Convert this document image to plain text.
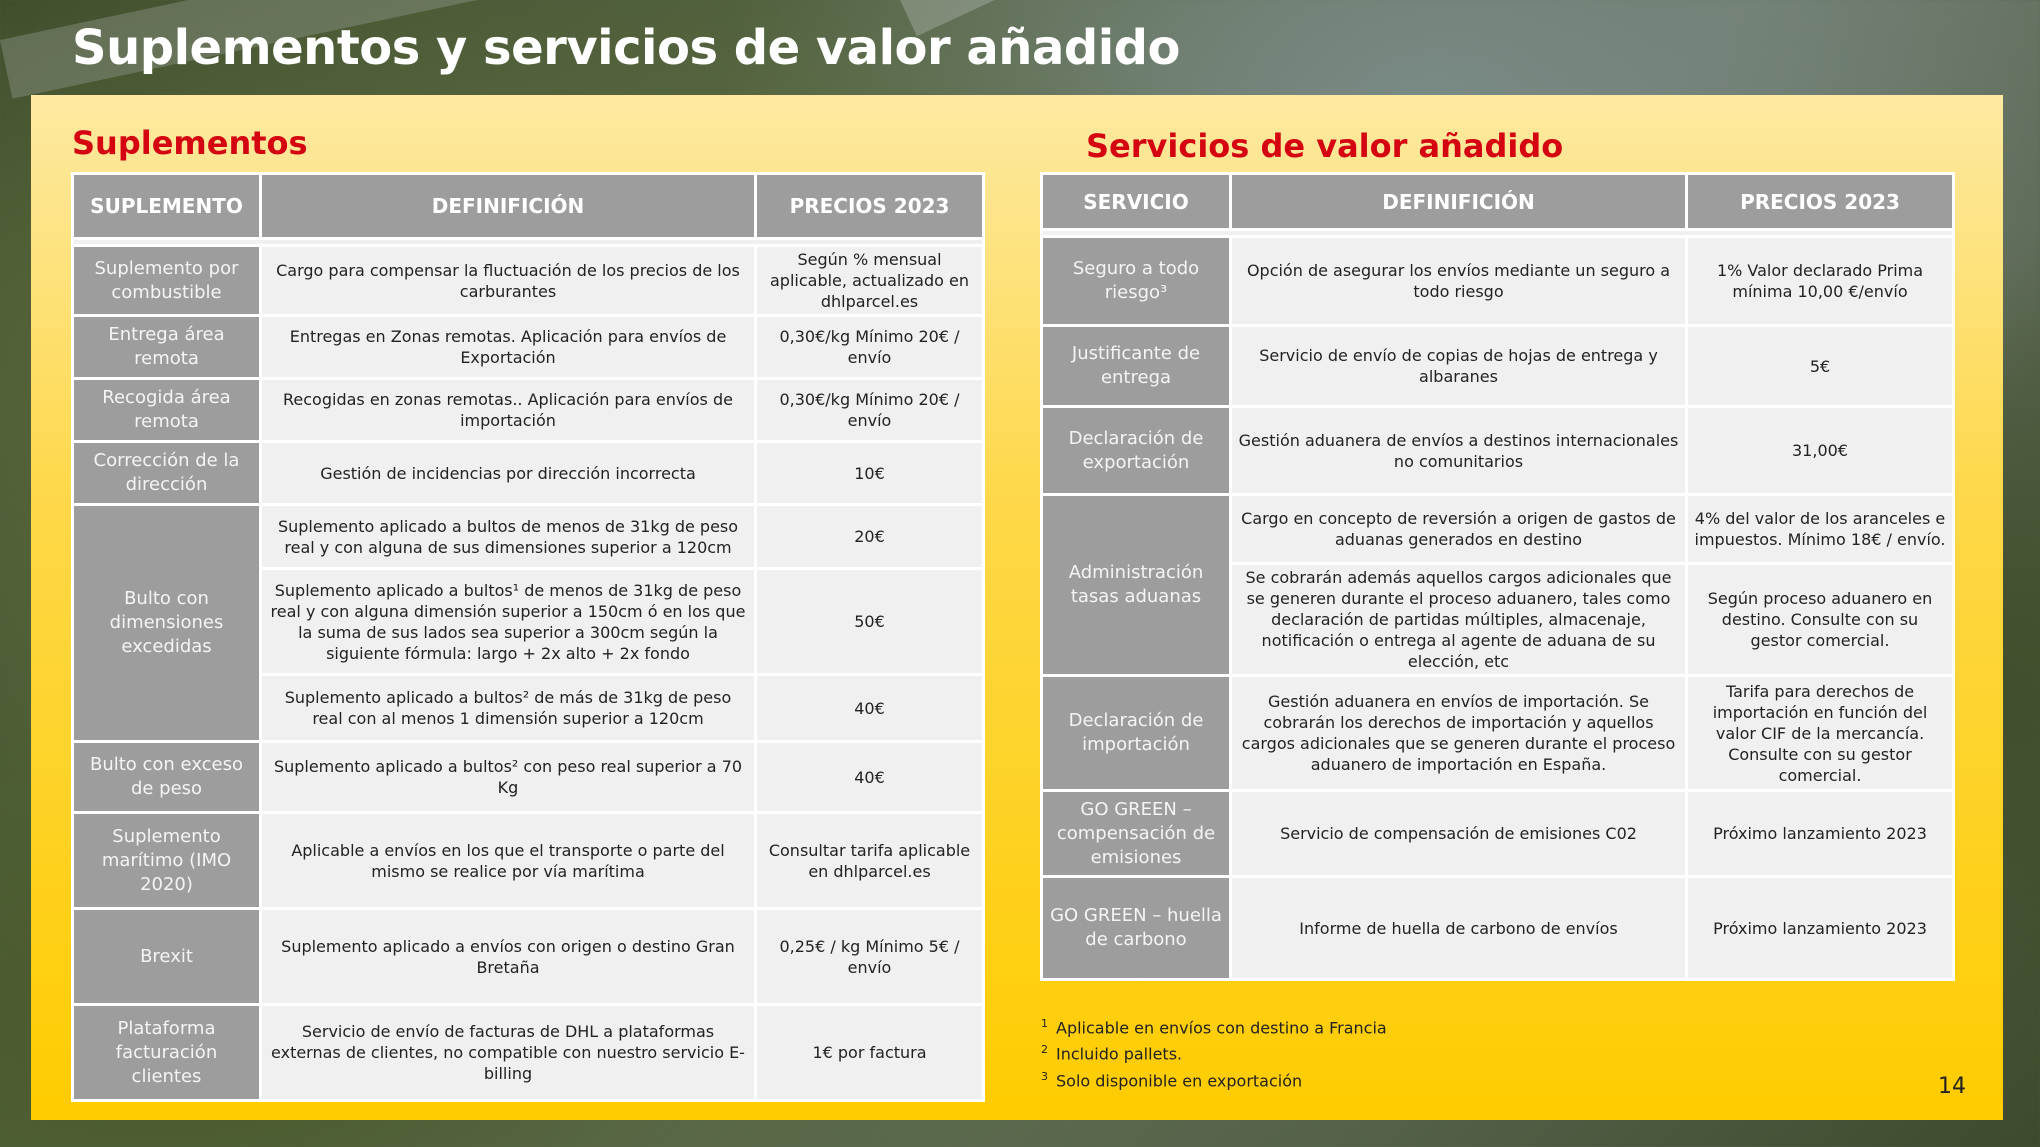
Suplementos y servicios de valor añadido
Suplementos
SUPLEMENTO	DEFINIFICIÓN	PRECIOS 2023

Suplemento por combustible	Cargo para compensar la fluctuación de los precios de los carburantes	Según % mensual aplicable, actualizado en dhlparcel.es
Entrega área remota	Entregas en Zonas remotas. Aplicación para envíos de Exportación	0,30€/kg Mínimo 20€ / envío
Recogida área remota	Recogidas en zonas remotas.. Aplicación para envíos de importación	0,30€/kg Mínimo 20€ / envío
Corrección de la dirección	Gestión de incidencias por dirección incorrecta	10€
Bulto con dimensiones excedidas	Suplemento aplicado a bultos de menos de 31kg de peso real y con alguna de sus dimensiones superior a 120cm	20€
	Suplemento aplicado a bultos¹ de menos de 31kg de peso real y con alguna dimensión superior a 150cm ó en los que la suma de sus lados sea superior a 300cm según la siguiente fórmula: largo + 2x alto + 2x fondo	50€
	Suplemento aplicado a bultos² de más de 31kg de peso real con al menos 1 dimensión superior a 120cm	40€
Bulto con exceso de peso	Suplemento aplicado a bultos² con peso real superior a 70 Kg	40€
Suplemento marítimo (IMO 2020)	Aplicable a envíos en los que el transporte o parte del mismo se realice por vía marítima	Consultar tarifa aplicable en dhlparcel.es
Brexit	Suplemento aplicado a envíos con origen o destino Gran Bretaña	0,25€ / kg Mínimo 5€ / envío
Plataforma facturación clientes	Servicio de envío de facturas de DHL a plataformas externas de clientes, no compatible con nuestro servicio E-billing	1€ por factura
Servicios de valor añadido
SERVICIO	DEFINIFICIÓN	PRECIOS 2023

Seguro a todo riesgo³	Opción de asegurar los envíos mediante un seguro a todo riesgo	1% Valor declarado Prima mínima 10,00 €/envío
Justificante de entrega	Servicio de envío de copias de hojas de entrega y albaranes	5€
Declaración de exportación	Gestión aduanera de envíos a destinos internacionales no comunitarios	31,00€
Administración tasas aduanas	Cargo en concepto de reversión a origen de gastos de aduanas generados en destino	4% del valor de los aranceles e impuestos. Mínimo 18€ / envío.
	Se cobrarán además aquellos cargos adicionales que se generen durante el proceso aduanero, tales como declaración de partidas múltiples, almacenaje, notificación o entrega al agente de aduana de su elección, etc	Según proceso aduanero en destino. Consulte con su gestor comercial.
Declaración de importación	Gestión aduanera en envíos de importación. Se cobrarán los derechos de importación y aquellos cargos adicionales que se generen durante el proceso aduanero de importación en España.	Tarifa para derechos de importación en función del valor CIF de la mercancía. Consulte con su gestor comercial.
GO GREEN – compensación de emisiones	Servicio de compensación de emisiones C02	Próximo lanzamiento 2023
GO GREEN – huella de carbono	Informe de huella de carbono de envíos	Próximo lanzamiento 2023
$^1$ Aplicable en envíos con destino a Francia
$^2$ Incluido pallets.
$^3$ Solo disponible en exportación	14
